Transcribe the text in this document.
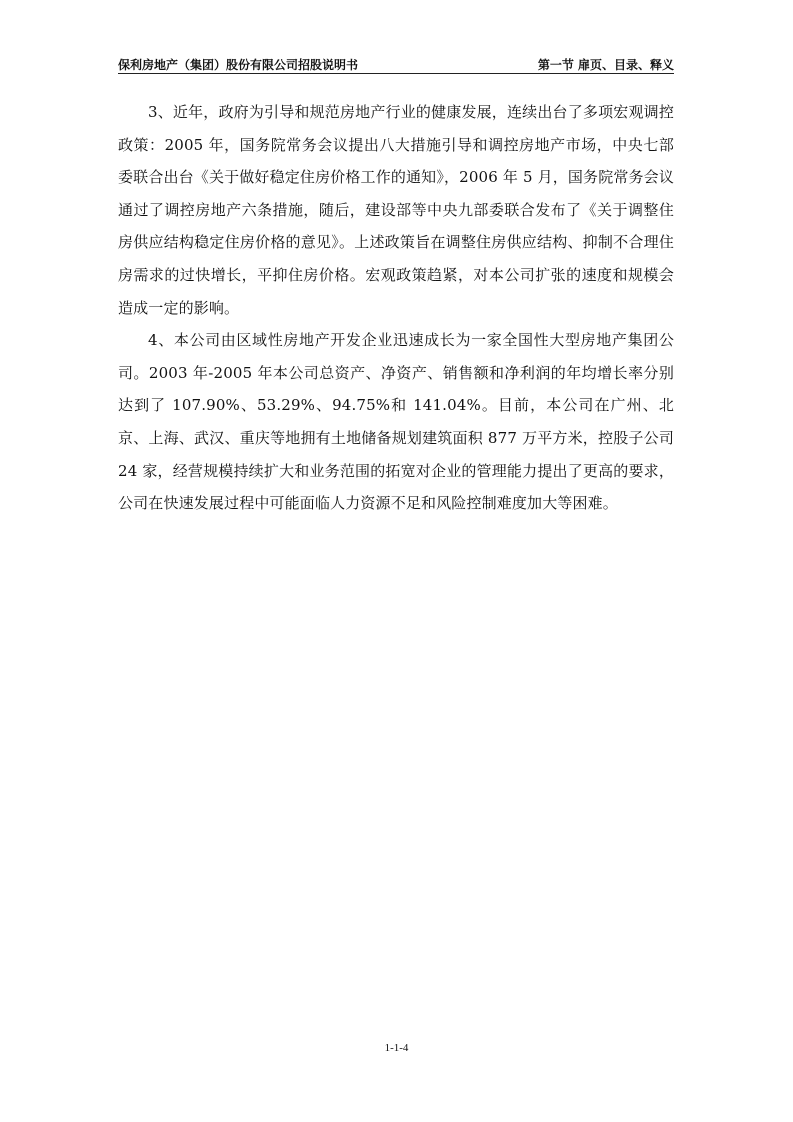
保利房地产（集团）股份有限公司招股说明书	第一节 扉页、目录、释义

3、近年，政府为引导和规范房地产行业的健康发展，连续出台了多项宏观调控政策：2005 年，国务院常务会议提出八大措施引导和调控房地产市场，中央七部委联合出台《关于做好稳定住房价格工作的通知》，2006 年 5 月，国务院常务会议通过了调控房地产六条措施，随后，建设部等中央九部委联合发布了《关于调整住房供应结构稳定住房价格的意见》。上述政策旨在调整住房供应结构、抑制不合理住房需求的过快增长，平抑住房价格。宏观政策趋紧，对本公司扩张的速度和规模会造成一定的影响。

4、本公司由区域性房地产开发企业迅速成长为一家全国性大型房地产集团公司。2003 年-2005 年本公司总资产、净资产、销售额和净利润的年均增长率分别达到了 107.90%、53.29%、94.75%和 141.04%。目前，本公司在广州、北京、上海、武汉、重庆等地拥有土地储备规划建筑面积 877 万平方米，控股子公司 24 家，经营规模持续扩大和业务范围的拓宽对企业的管理能力提出了更高的要求，公司在快速发展过程中可能面临人力资源不足和风险控制难度加大等困难。

1-1-4
